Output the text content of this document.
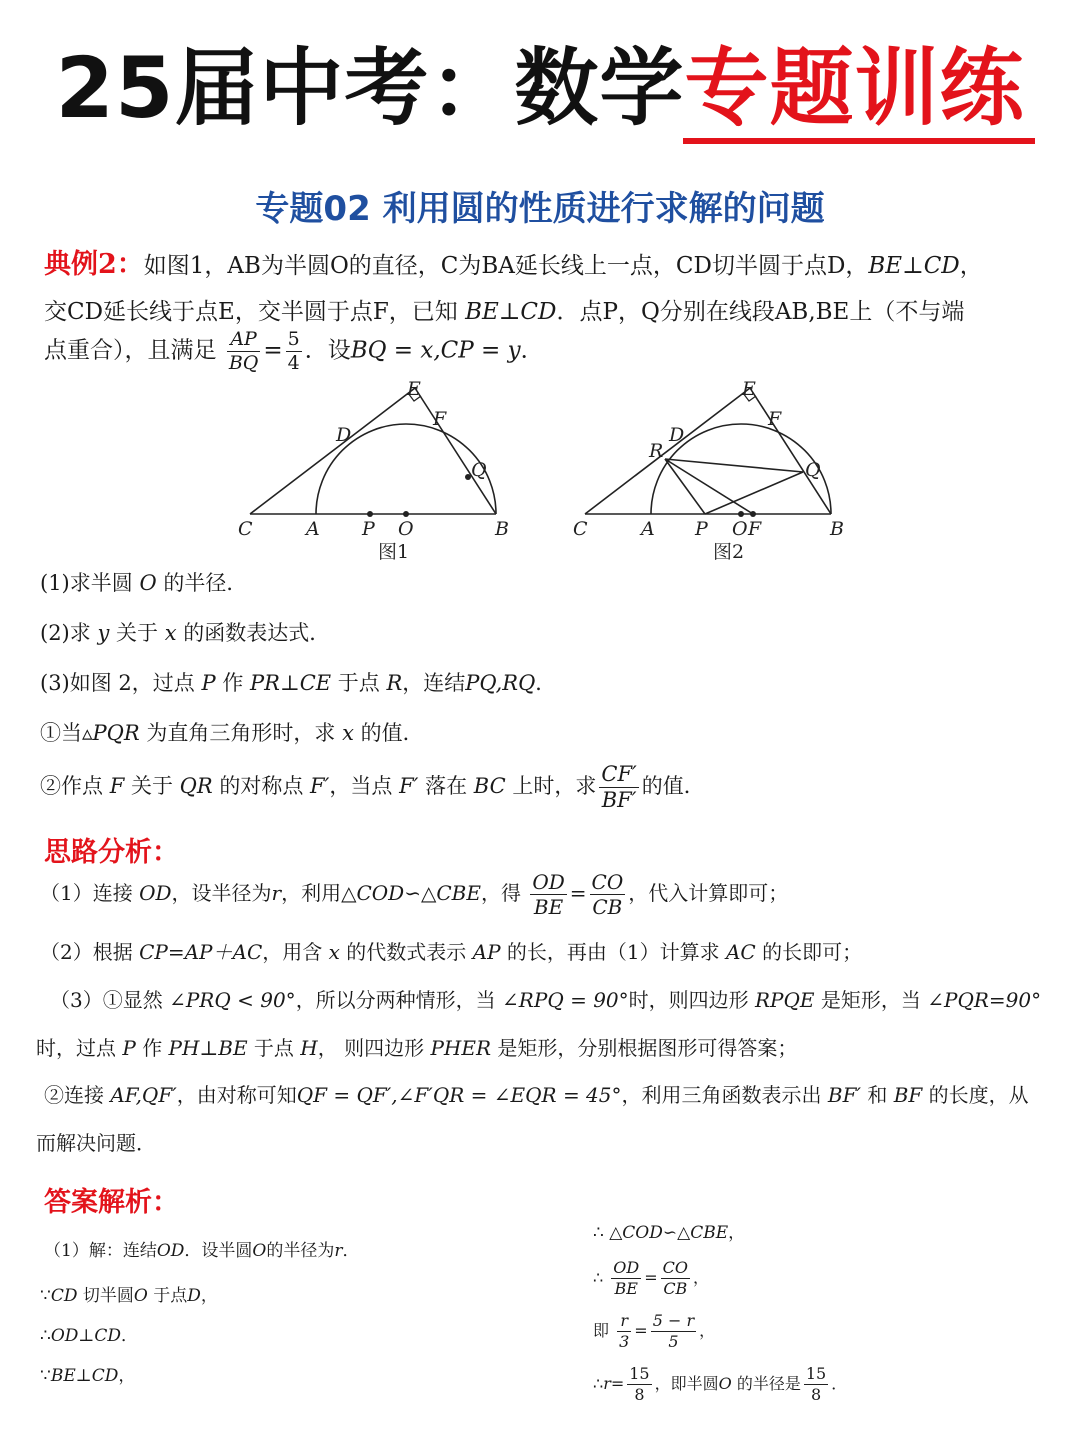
25届中考：数学专题训练
专题02 利用圆的性质进行求解的问题
典例2：如图1，AB为半圆O的直径，C为BA延长线上一点，CD切半圆于点D，BE⊥CD，
交CD延长线于点E，交半圆于点F，已知 BE⊥CD．点P，Q分别在线段AB,BE上（不与端
点重合），且满足 $\frac{AP}{BQ} = \frac{5}{4}$ ．设BQ = x,CP = y．
C	A P O	B
D
E
F
Q
图1
C	A P O F	B
R
D
E
F
Q
图2
(1)求半圆 O 的半径．
(2)求 y 关于 x 的函数表达式．
(3)如图 2，过点 P 作 PR⊥CE 于点 R，连结PQ,RQ．
①当▵PQR 为直角三角形时，求 x 的值．
②作点 F 关于 QR 的对称点 F′，当点 F′ 落在 BC 上时，求 $\frac{CF'}{BF'}$ 的值．
思路分析：
（1）连接 OD，设半径为r，利用△COD∽△CBE，得 $\frac{OD}{BE} = \frac{CO}{CB}$ ，代入计算即可；
（2）根据 CP=AP＋AC，用含 x 的代数式表示 AP 的长，再由（1）计算求 AC 的长即可；
（3）①显然 ∠PRQ < 90°，所以分两种情形，当 ∠RPQ = 90°时，则四边形 RPQE 是矩形，当 ∠PQR=90°
时，过点 P 作 PH⊥BE 于点 H， 则四边形 PHER 是矩形，分别根据图形可得答案；
②连接 AF,QF′，由对称可知QF = QF′,∠F′QR = ∠EQR = 45°，利用三角函数表示出 BF′ 和 BF 的长度，从
而解决问题．
答案解析：
（1）解：连结OD．设半圆O的半径为r．
∵CD 切半圆O 于点D，
∴OD⊥CD．
∵BE⊥CD，
∴ △COD∽△CBE，
∴ $\frac{OD}{BE} = \frac{CO}{CB}$ ，
即 $\frac{r}{3} = \frac{5 - r}{5}$ ，
∴r= $\frac{15}{8}$ ，即半圆O 的半径是 $\frac{15}{8}$ ．
